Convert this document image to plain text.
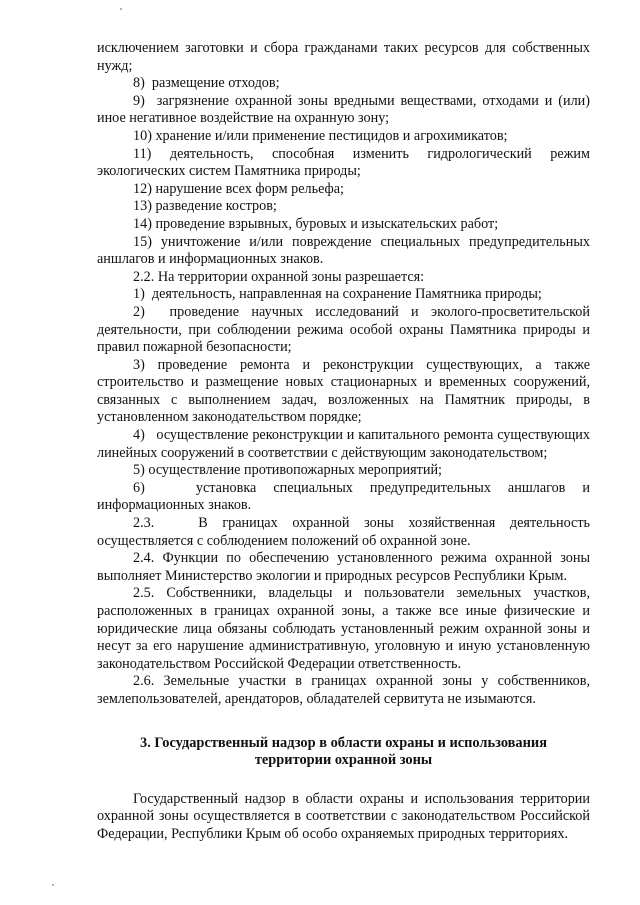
исключением заготовки и сбора гражданами таких ресурсов для собственных нужд;

8)  размещение отходов;

9)  загрязнение охранной зоны вредными веществами, отходами и (или) иное негативное воздействие на охранную зону;

10) хранение и/или применение пестицидов и агрохимикатов;

11) деятельность, способная изменить гидрологический режим экологических систем Памятника природы;

12) нарушение всех форм рельефа;

13) разведение костров;

14) проведение взрывных, буровых и изыскательских работ;

15) уничтожение и/или повреждение специальных предупредительных аншлагов и информационных знаков.

2.2. На территории охранной зоны разрешается:

1)  деятельность, направленная на сохранение Памятника природы;

2)  проведение научных исследований и эколого-просветительской деятельности, при соблюдении режима особой охраны Памятника природы и правил пожарной безопасности;

3) проведение ремонта и реконструкции существующих, а также строительство и размещение новых стационарных и временных сооружений, связанных с выполнением задач, возложенных на Памятник природы, в установленном законодательством порядке;

4)   осуществление реконструкции и капитального ремонта существующих линейных сооружений в соответствии с действующим законодательством;

5) осуществление противопожарных мероприятий;

6)   установка специальных предупредительных аншлагов и информационных знаков.

2.3.   В границах охранной зоны хозяйственная деятельность осуществляется с соблюдением положений об охранной зоне.

2.4. Функции по обеспечению установленного режима охранной зоны выполняет Министерство экологии и природных ресурсов Республики Крым.

2.5. Собственники, владельцы и пользователи земельных участков, расположенных в границах охранной зоны, а также все иные физические и юридические лица обязаны соблюдать установленный режим охранной зоны и несут за его нарушение административную, уголовную и иную установленную законодательством Российской Федерации ответственность.

2.6. Земельные участки в границах охранной зоны у собственников, землепользователей, арендаторов, обладателей сервитута не изымаются.

3. Государственный надзор в области охраны и использования
территории охранной зоны

Государственный надзор в области охраны и использования территории охранной зоны осуществляется в соответствии с законодательством Российской Федерации, Республики Крым об особо охраняемых природных территориях.
